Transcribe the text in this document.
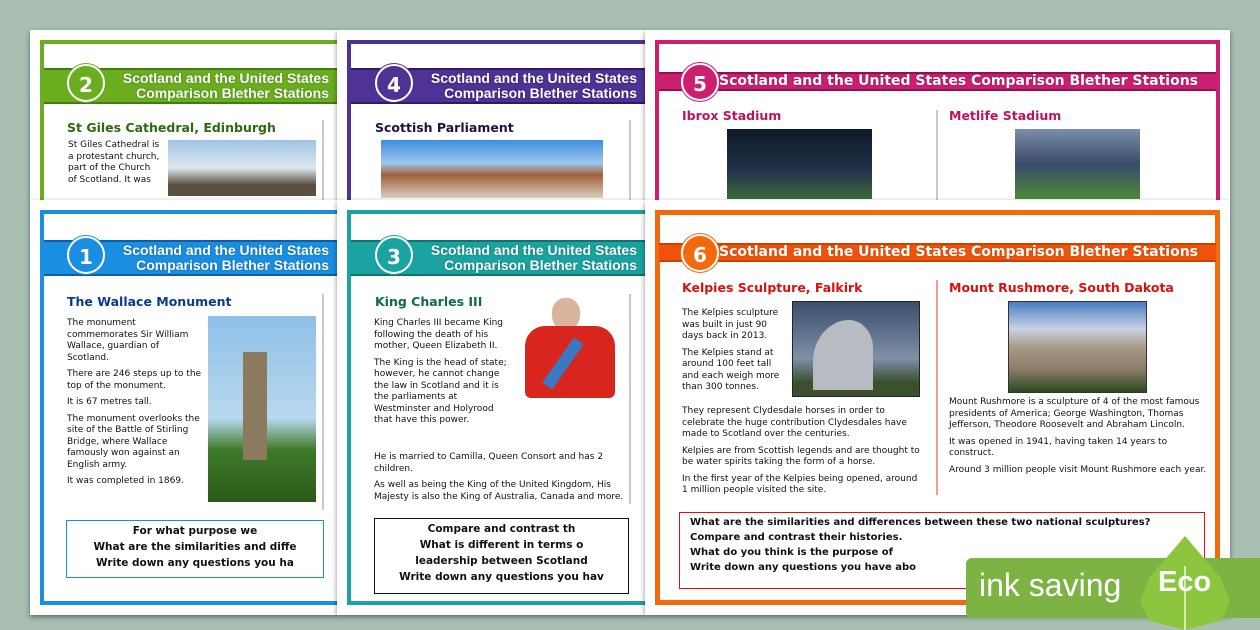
Scotland and the United States Comparison Blether Stations
2
St Giles Cathedral, Edinburgh
St Giles Cathedral is a protestant church, part of the Church of Scotland. It was
Scotland and the United States Comparison Blether Stations
4
Scottish Parliament
Scotland and the United States Comparison Blether Stations
5
Ibrox Stadium	Metlife Stadium
Scotland and the United States Comparison Blether Stations
1
The Wallace Monument

The monument commemorates Sir William Wallace, guardian of Scotland.

There are 246 steps up to the top of the monument.

It is 67 metres tall.

The monument overlooks the site of the Battle of Stirling Bridge, where Wallace famously won against an English army.

It was completed in 1869.

For what purpose we
What are the similarities and diffe
Write down any questions you ha
Scotland and the United States Comparison Blether Stations
3
King Charles III

King Charles III became King following the death of his mother, Queen Elizabeth II.

The King is the head of state; however, he cannot change the law in Scotland and it is the parliaments at Westminster and Holyrood that have this power.

He is married to Camilla, Queen Consort and has 2 children.

As well as being the King of the United Kingdom, His Majesty is also the King of Australia, Canada and more.

Compare and contrast th
What is different in terms o
leadership between Scotland
Write down any questions you hav
Scotland and the United States Comparison Blether Stations
6
Kelpies Sculpture, Falkirk	Mount Rushmore, South Dakota

The Kelpies sculpture was built in just 90 days back in 2013.

The Kelpies stand at around 100 feet tall and each weigh more than 300 tonnes.

They represent Clydesdale horses in order to celebrate the huge contribution Clydesdales have made to Scotland over the centuries.

Kelpies are from Scottish legends and are thought to be water spirits taking the form of a horse.

In the first year of the Kelpies being opened, around 1 million people visited the site.

Mount Rushmore is a sculpture of 4 of the most famous presidents of America; George Washington, Thomas Jefferson, Theodore Roosevelt and Abraham Lincoln.

It was opened in 1941, having taken 14 years to construct.

Around 3 million people visit Mount Rushmore each year.

What are the similarities and differences between these two national sculptures?
Compare and contrast their histories.
What do you think is the purpose of
Write down any questions you have abo	ink saving Eco
